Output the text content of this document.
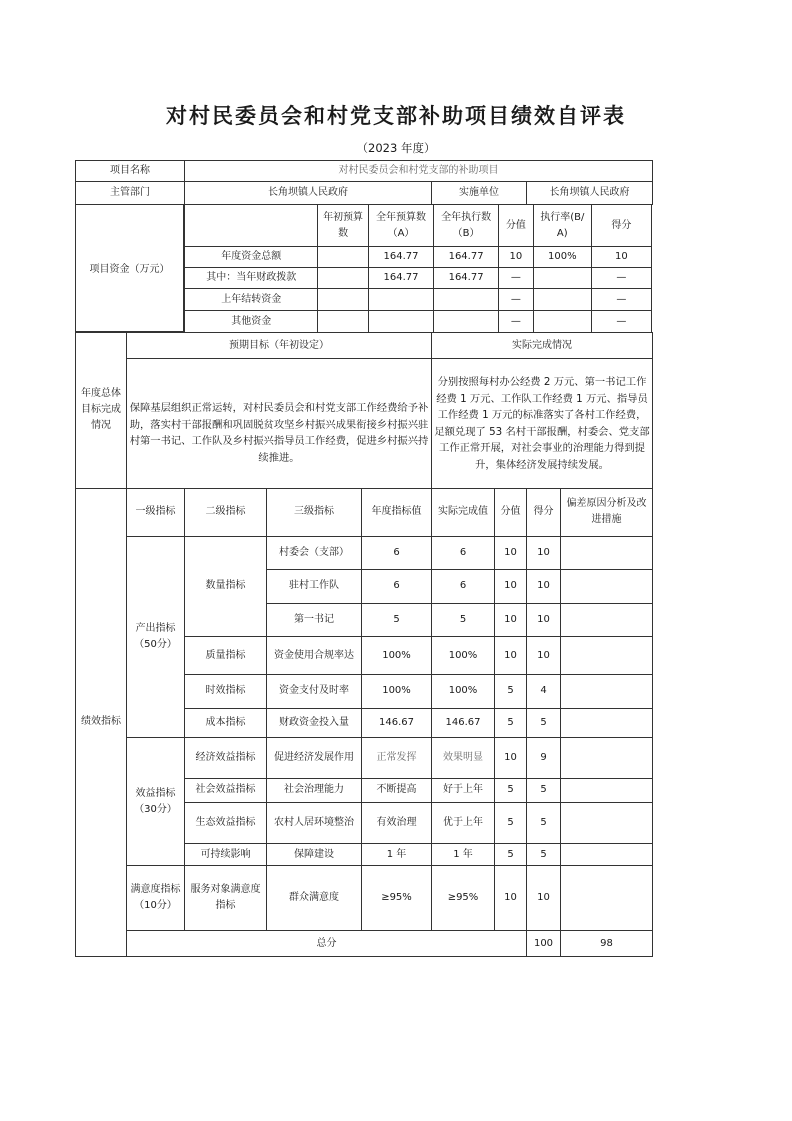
对村民委员会和村党支部补助项目绩效自评表
（2023 年度）
项目名称	对村民委员会和村党支部的补助项目		
主管部门	长角坝镇人民政府	实施单位	长角坝镇人民政府
	年初预算数	全年预算数（A）	全年执行数（B）	分值	执行率(B/A)	得分
年度资金总额		164.77	164.77	10	100%	10
其中：当年财政拨款		164.77	164.77	—		—
上年结转资金				—		—
其他资金				—		—
年度总体目标完成情况	预期目标（年初设定）				实际完成情况				
	保障基层组织正常运转，对村民委员会和村党支部工作经费给予补助，落实村干部报酬和巩固脱贫攻坚乡村振兴成果衔接乡村振兴驻村第一书记、工作队及乡村振兴指导员工作经费，促进乡村振兴持续推进。				分别按照每村办公经费 2 万元、第一书记工作经费 1 万元、工作队工作经费 1 万元、指导员工作经费 1 万元的标准落实了各村工作经费，足额兑现了 53 名村干部报酬，村委会、党支部工作正常开展，对社会事业的治理能力得到提升，集体经济发展持续发展。				
绩效指标	一级指标	二级指标	三级指标	年度指标值	实际完成值	分值	得分	偏差原因分析及改进措施	
	产出指标（50分）	数量指标	村委会（支部）	6	6	10	10		
			驻村工作队	6	6	10	10		
			第一书记	5	5	10	10		
		质量指标	资金使用合规率达	100%	100%	10	10		
		时效指标	资金支付及时率	100%	100%	5	4		
		成本指标	财政资金投入量	146.67	146.67	5	5		
	效益指标（30分）	经济效益指标	促进经济发展作用	正常发挥	效果明显	10	9		
		社会效益指标	社会治理能力	不断提高	好于上年	5	5		
		生态效益指标	农村人居环境整治	有效治理	优于上年	5	5		
		可持续影响	保障建设	1 年	1 年	5	5		
	满意度指标（10分）	服务对象满意度指标	群众满意度	≥95%	≥95%	10	10		
	总分						100	98	
项目资金（万元）
